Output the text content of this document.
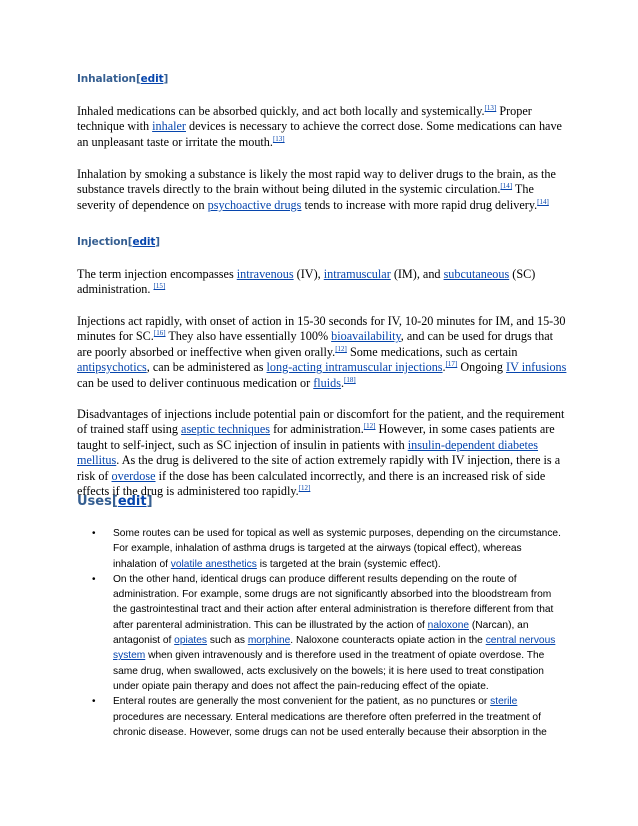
Inhalation[edit]
Inhaled medications can be absorbed quickly, and act both locally and systemically.[13] Proper technique with inhaler devices is necessary to achieve the correct dose. Some medications can have an unpleasant taste or irritate the mouth.[13]
Inhalation by smoking a substance is likely the most rapid way to deliver drugs to the brain, as the substance travels directly to the brain without being diluted in the systemic circulation.[14] The severity of dependence on psychoactive drugs tends to increase with more rapid drug delivery.[14]
Injection[edit]
The term injection encompasses intravenous (IV), intramuscular (IM), and subcutaneous (SC) administration. [15]
Injections act rapidly, with onset of action in 15-30 seconds for IV, 10-20 minutes for IM, and 15-30 minutes for SC.[16] They also have essentially 100% bioavailability, and can be used for drugs that are poorly absorbed or ineffective when given orally.[12] Some medications, such as certain antipsychotics, can be administered as long-acting intramuscular injections.[17] Ongoing IV infusions can be used to deliver continuous medication or fluids.[18]
Disadvantages of injections include potential pain or discomfort for the patient, and the requirement of trained staff using aseptic techniques for administration.[12] However, in some cases patients are taught to self-inject, such as SC injection of insulin in patients with insulin-dependent diabetes mellitus. As the drug is delivered to the site of action extremely rapidly with IV injection, there is a risk of overdose if the dose has been calculated incorrectly, and there is an increased risk of side effects if the drug is administered too rapidly.[12]
Uses[edit]
• Some routes can be used for topical as well as systemic purposes, depending on the circumstance. For example, inhalation of asthma drugs is targeted at the airways (topical effect), whereas inhalation of volatile anesthetics is targeted at the brain (systemic effect).
• On the other hand, identical drugs can produce different results depending on the route of administration. For example, some drugs are not significantly absorbed into the bloodstream from the gastrointestinal tract and their action after enteral administration is therefore different from that after parenteral administration. This can be illustrated by the action of naloxone (Narcan), an antagonist of opiates such as morphine. Naloxone counteracts opiate action in the central nervous system when given intravenously and is therefore used in the treatment of opiate overdose. The same drug, when swallowed, acts exclusively on the bowels; it is here used to treat constipation under opiate pain therapy and does not affect the pain-reducing effect of the opiate.
• Enteral routes are generally the most convenient for the patient, as no punctures or sterile procedures are necessary. Enteral medications are therefore often preferred in the treatment of chronic disease. However, some drugs can not be used enterally because their absorption in the
